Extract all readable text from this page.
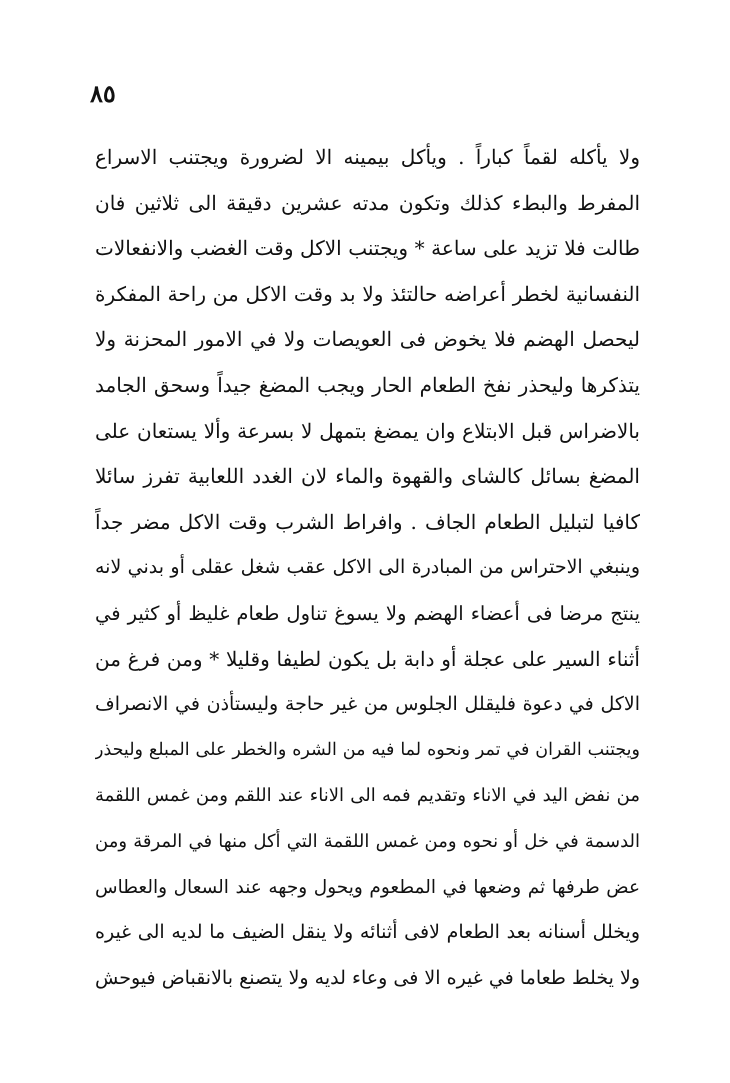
٨٥
ولا يأكله لقماً كباراً . ويأكل بيمينه الا لضرورة ويجتنب الاسراع
المفرط والبطء كذلك وتكون مدته عشرين دقيقة الى ثلاثين فان
طالت فلا تزيد على ساعة * ويجتنب الاكل وقت الغضب والانفعالات
النفسانية لخطر أعراضه حالتئذ ولا بد وقت الاكل من راحة المفكرة
ليحصل الهضم فلا يخوض فى العويصات ولا في الامور المحزنة ولا
يتذكرها وليحذر نفخ الطعام الحار ويجب المضغ جيداً وسحق الجامد
بالاضراس قبل الابتلاع وان يمضغ بتمهل لا بسرعة وألا يستعان على
المضغ بسائل كالشاى والقهوة والماء لان الغدد اللعابية تفرز سائلا
كافيا لتبليل الطعام الجاف . وافراط الشرب وقت الاكل مضر جداً
وينبغي الاحتراس من المبادرة الى الاكل عقب شغل عقلى أو بدني لانه
ينتج مرضا فى أعضاء الهضم ولا يسوغ تناول طعام غليظ أو كثير في
أثناء السير على عجلة أو دابة بل يكون لطيفا وقليلا * ومن فرغ من
الاكل في دعوة فليقلل الجلوس من غير حاجة وليستأذن في الانصراف
ويجتنب القران في تمر ونحوه لما فيه من الشره والخطر على المبلع وليحذر
من نفض اليد في الاناء وتقديم فمه الى الاناء عند اللقم ومن غمس اللقمة
الدسمة في خل أو نحوه ومن غمس اللقمة التي أكل منها في المرقة ومن
عض طرفها ثم وضعها في المطعوم ويحول وجهه عند السعال والعطاس
ويخلل أسنانه بعد الطعام لافى أثنائه ولا ينقل الضيف ما لديه الى غيره
ولا يخلط طعاما في غيره الا فى وعاء لديه ولا يتصنع بالانقباض فيوحش
